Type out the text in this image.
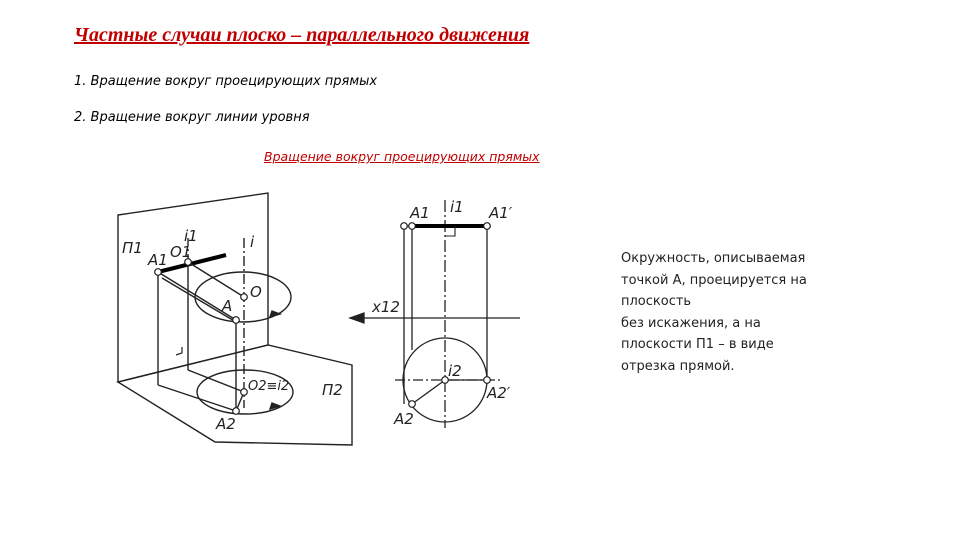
Частные случаи плоско – параллельного движения

1. Вращение вокруг проецирующих прямых

2. Вращение вокруг линии уровня

Вращение вокруг проецирующих прямых

П1
A1 O1
i1	i
A
O
O2≡i2 П2
A2
A1 i1 A1′
x12
i2
A2
A2′
Окружность, описываемая
точкой А, проецируется на
плоскость
без искажения, а на
плоскости П1 – в виде
отрезка прямой.
